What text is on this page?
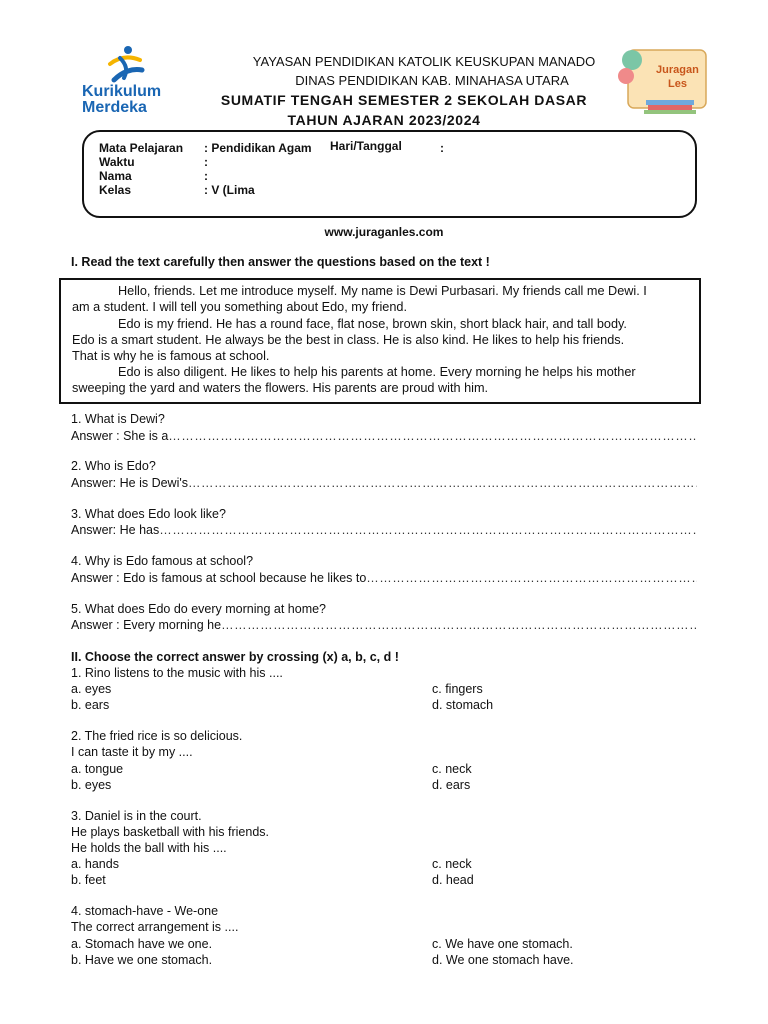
Kurikulum
Merdeka
Juragan
Les
YAYASAN PENDIDIKAN KATOLIK KEUSKUPAN MANADO
DINAS PENDIDIKAN KAB. MINAHASA UTARA
SUMATIF TENGAH SEMESTER 2 SEKOLAH DASAR
TAHUN AJARAN 2023/2024
Mata Pelajaran : Pendidikan Agam Hari/Tanggal	:
Waktu	:
Nama	:
Kelas	: V (Lima
www.juraganles.com
I. Read the text carefully then answer the questions based on the text !
Hello, friends. Let me introduce myself. My name is Dewi Purbasari. My friends call me Dewi. I
am a student. I will tell you something about Edo, my friend.
Edo is my friend. He has a round face, flat nose, brown skin, short black hair, and tall body.
Edo is a smart student. He always be the best in class. He is also kind. He likes to help his friends.
That is why he is famous at school.
Edo is also diligent. He likes to help his parents at home. Every morning he helps his mother
sweeping the yard and waters the flowers. His parents are proud with him.
1. What is Dewi?
Answer : She is a
………………………………………………………………………………………………………………………………………………………………………………………………………………
2. Who is Edo?
Answer: He is Dewi's
………………………………………………………………………………………………………………………………………………………………………………………………………………
3. What does Edo look like?
Answer: He has
………………………………………………………………………………………………………………………………………………………………………………………………………………
4. Why is Edo famous at school?
Answer : Edo is famous at school because he likes to
………………………………………………………………………………………………………………………………………………………………………………………………………………
5. What does Edo do every morning at home?
Answer : Every morning he
………………………………………………………………………………………………………………………………………………………………………………………………………………
II. Choose the correct answer by crossing (x) a, b, c, d !
1. Rino listens to the music with his ....
a. eyes	c. fingers
b. ears	d. stomach
2. The fried rice is so delicious.
I can taste it by my ....
a. tongue	c. neck
b. eyes	d. ears
3. Daniel is in the court.
He plays basketball with his friends.
He holds the ball with his ....
a. hands	c. neck
b. feet	d. head
4. stomach-have - We-one
The correct arrangement is ....
a. Stomach have we one.	c. We have one stomach.
b. Have we one stomach.	d. We one stomach have.
